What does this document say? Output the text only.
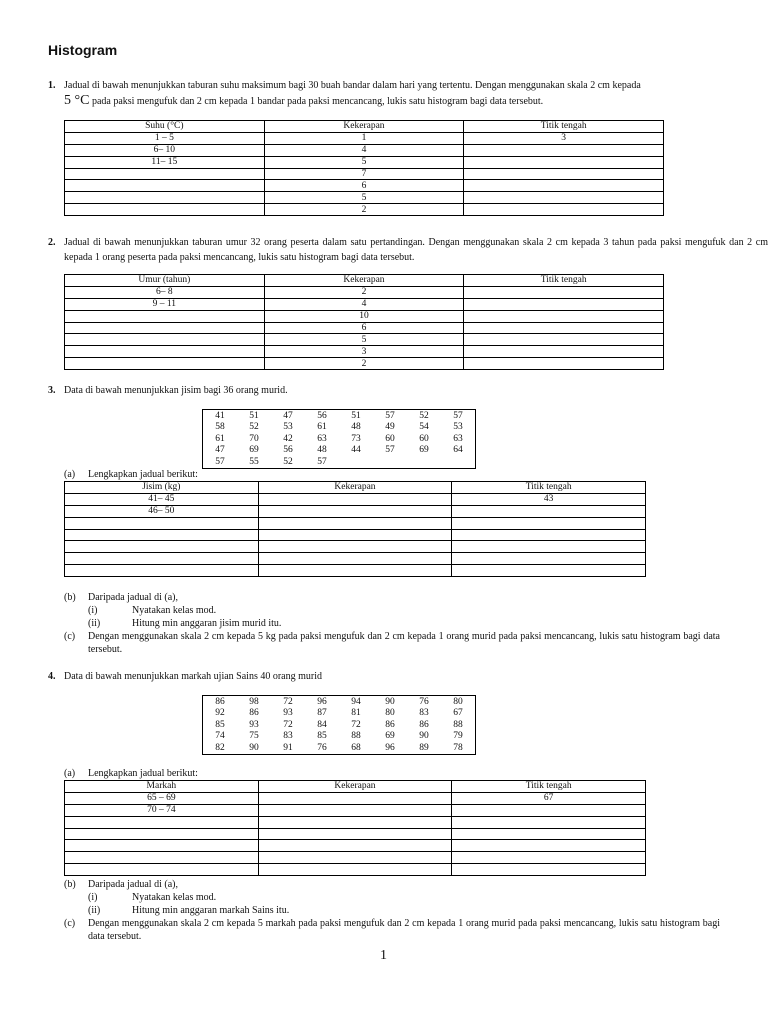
Histogram
1. Jadual di bawah menunjukkan taburan suhu maksimum bagi 30 buah bandar dalam hari yang tertentu. Dengan menggunakan skala 2 cm kepada
5 °C pada paksi mengufuk dan 2 cm kepada 1 bandar pada paksi mencancang, lukis satu histogram bagi data tersebut.
Suhu (°C)	Kekerapan	Titik tengah
1 – 5	1	3
6– 10	4	
11– 15	5	
	7	
	6	
	5	
	2	
2. Jadual di bawah menunjukkan taburan umur 32 orang peserta dalam satu pertandingan. Dengan menggunakan skala 2 cm kepada 3 tahun pada paksi mengufuk dan 2 cm kepada 1 orang peserta pada paksi mencancang, lukis satu histogram bagi data tersebut.
Umur (tahun)	Kekerapan	Titik tengah
6– 8	2	
9 – 11	4	
	10	
	6	
	5	
	3	
	2	
3. Data di bawah menunjukkan jisim bagi 36 orang murid.
41	51	47	56	51	57	52	57
58	52	53	61	48	49	54	53
61	70	42	63	73	60	60	63
47	69	56	48	44	57	69	64
57	55	52	57				
(a) Lengkapkan jadual berikut:
Jisim (kg)	Kekerapan	Titik tengah
41– 45		43
46– 50		

(b) Daripada jadual di (a),
(i)	Nyatakan kelas mod.
(ii)	Hitung min anggaran jisim murid itu.
(c)	Dengan menggunakan skala 2 cm kepada 5 kg pada paksi mengufuk dan 2 cm kepada 1 orang murid pada paksi mencancang, lukis satu histogram bagi data tersebut.
4. Data di bawah menunjukkan markah ujian Sains 40 orang murid
86	98	72	96	94	90	76	80
92	86	93	87	81	80	83	67
85	93	72	84	72	86	86	88
74	75	83	85	88	69	90	79
82	90	91	76	68	96	89	78
(a) Lengkapkan jadual berikut:
Markah	Kekerapan	Titik tengah
65 – 69		67
70 – 74		

(b) Daripada jadual di (a),
(i)	Nyatakan kelas mod.
(ii)	Hitung min anggaran markah Sains itu.
(c)	Dengan menggunakan skala 2 cm kepada 5 markah pada paksi mengufuk dan 2 cm kepada 1 orang murid pada paksi mencancang, lukis satu histogram bagi data tersebut.
1
